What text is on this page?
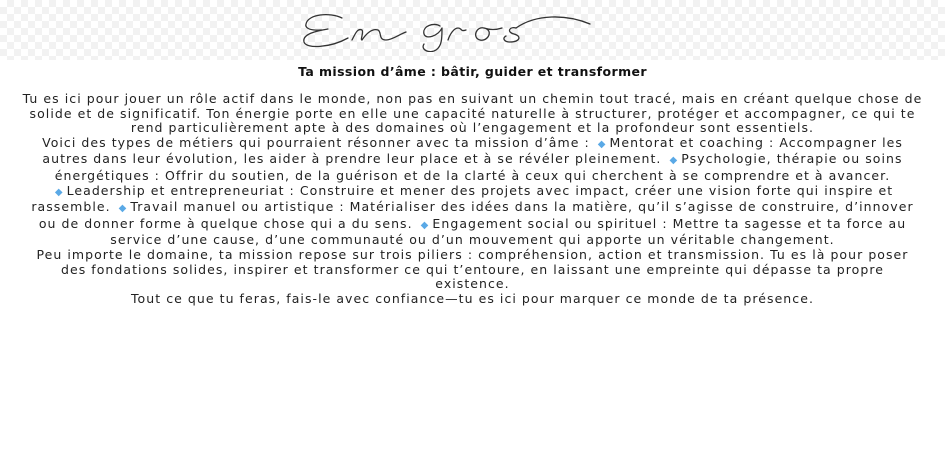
Ta mission d’âme : bâtir, guider et transformer

Tu es ici pour jouer un rôle actif dans le monde, non pas en suivant un chemin tout tracé, mais en créant quelque chose de solide et de significatif. Ton énergie porte en elle une capacité naturelle à structurer, protéger et accompagner, ce qui te rend particulièrement apte à des domaines où l’engagement et la profondeur sont essentiels.

Voici des types de métiers qui pourraient résonner avec ta mission d’âme : ◆ Mentorat et coaching : Accompagner les autres dans leur évolution, les aider à prendre leur place et à se révéler pleinement. ◆ Psychologie, thérapie ou soins énergétiques : Offrir du soutien, de la guérison et de la clarté à ceux qui cherchent à se comprendre et à avancer. ◆ Leadership et entrepreneuriat : Construire et mener des projets avec impact, créer une vision forte qui inspire et rassemble. ◆ Travail manuel ou artistique : Matérialiser des idées dans la matière, qu’il s’agisse de construire, d’innover ou de donner forme à quelque chose qui a du sens. ◆ Engagement social ou spirituel : Mettre ta sagesse et ta force au service d’une cause, d’une communauté ou d’un mouvement qui apporte un véritable changement.

Peu importe le domaine, ta mission repose sur trois piliers : compréhension, action et transmission. Tu es là pour poser des fondations solides, inspirer et transformer ce qui t’entoure, en laissant une empreinte qui dépasse ta propre existence.

Tout ce que tu feras, fais-le avec confiance—tu es ici pour marquer ce monde de ta présence.
